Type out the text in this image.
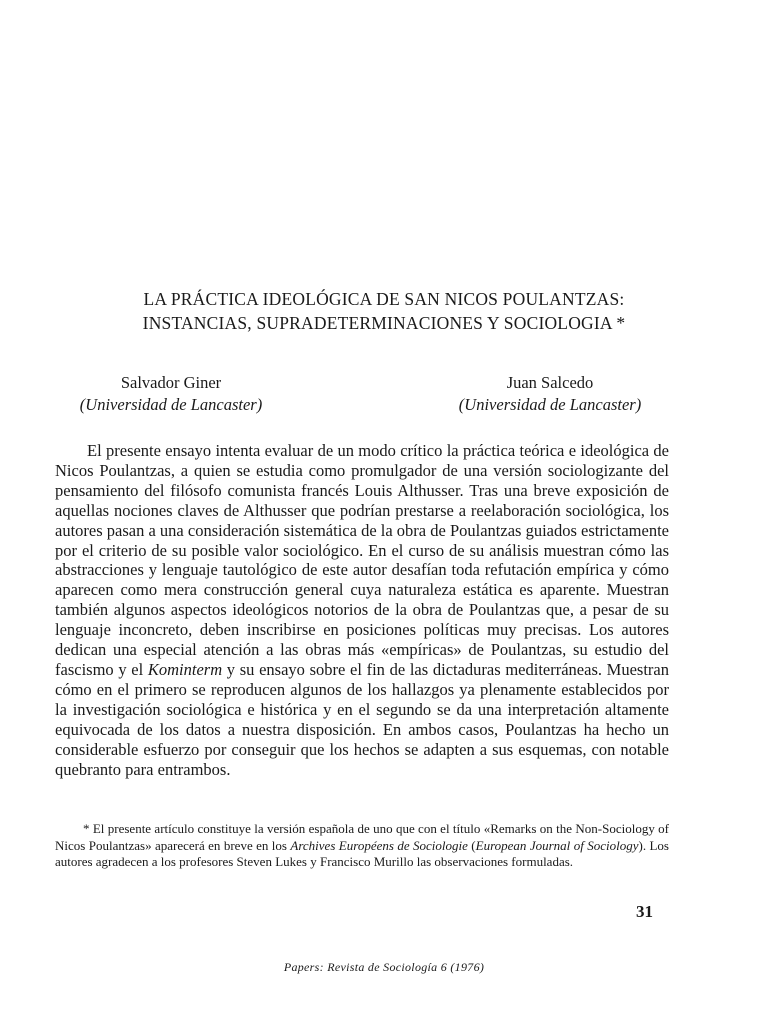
LA PRÁCTICA IDEOLÓGICA DE SAN NICOS POULANTZAS:
INSTANCIAS, SUPRADETERMINACIONES Y SOCIOLOGIA *
Salvador Giner
(Universidad de Lancaster)
Juan Salcedo
(Universidad de Lancaster)

El presente ensayo intenta evaluar de un modo crítico la práctica teórica e ideológica de Nicos Poulantzas, a quien se estudia como promulgador de una versión sociologizante del pensamiento del filósofo comunista francés Louis Althusser. Tras una breve exposición de aquellas nociones claves de Althusser que podrían prestarse a reelaboración sociológica, los autores pasan a una consideración sistemática de la obra de Poulantzas guiados estrictamente por el criterio de su posible valor sociológico. En el curso de su análisis muestran cómo las abstracciones y lenguaje tautológico de este autor desafían toda refutación empírica y cómo aparecen como mera construcción general cuya naturaleza estática es aparente. Muestran también algunos aspectos ideológicos notorios de la obra de Poulantzas que, a pesar de su lenguaje inconcreto, deben inscribirse en posiciones políticas muy precisas. Los autores dedican una especial atención a las obras más «empíricas» de Poulantzas, su estudio del fascismo y el Kominterm y su ensayo sobre el fin de las dictaduras mediterráneas. Muestran cómo en el primero se reproducen algunos de los hallazgos ya plenamente establecidos por la investigación sociológica e histórica y en el segundo se da una interpretación altamente equivocada de los datos a nuestra disposición. En ambos casos, Poulantzas ha hecho un considerable esfuerzo por conseguir que los hechos se adapten a sus esquemas, con notable quebranto para entrambos.

* El presente artículo constituye la versión española de uno que con el título «Remarks on the Non-Sociology of Nicos Poulantzas» aparecerá en breve en los Archives Européens de Sociologie (European Journal of Sociology). Los autores agradecen a los profesores Steven Lukes y Francisco Murillo las observaciones formuladas.

31
Papers: Revista de Sociología 6 (1976)
